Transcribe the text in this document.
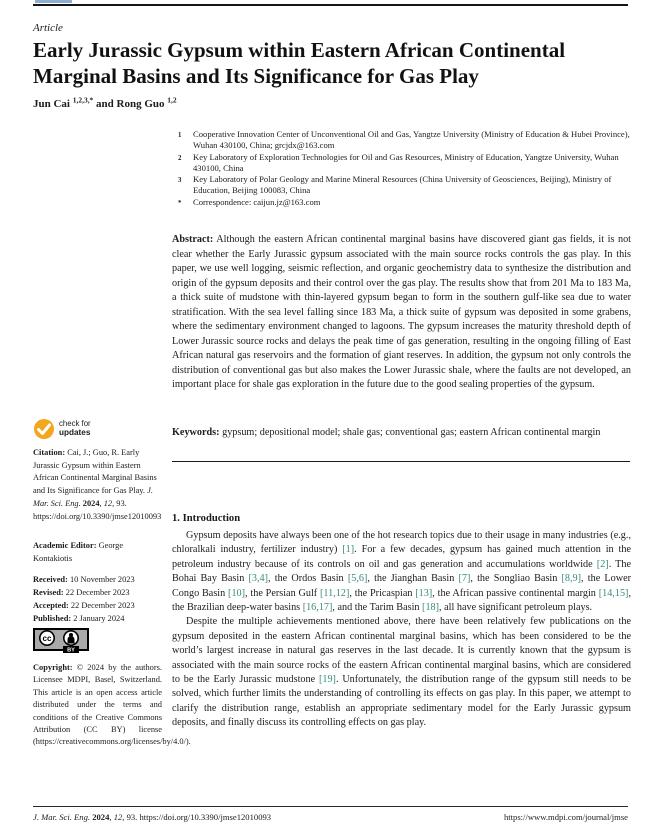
Article
Early Jurassic Gypsum within Eastern African Continental Marginal Basins and Its Significance for Gas Play
Jun Cai $^{1,2,3,*}$ and Rong Guo $^{1,2}$
1	Cooperative Innovation Center of Unconventional Oil and Gas, Yangtze University (Ministry of Education & Hubei Province), Wuhan 430100, China; grcjdx@163.com
2	Key Laboratory of Exploration Technologies for Oil and Gas Resources, Ministry of Education, Yangtze University, Wuhan 430100, China
3	Key Laboratory of Polar Geology and Marine Mineral Resources (China University of Geosciences, Beijing), Ministry of Education, Beijing 100083, China
*	Correspondence: caijun.jz@163.com
Abstract: Although the eastern African continental marginal basins have discovered giant gas fields, it is not clear whether the Early Jurassic gypsum associated with the main source rocks controls the gas play. In this paper, we use well logging, seismic reflection, and organic geochemistry data to synthesize the distribution and origin of the gypsum deposits and their control over the gas play. The results show that from 201 Ma to 183 Ma, a thick suite of mudstone with thin-layered gypsum began to form in the southern gulf-like sea due to water stratification. With the sea level falling since 183 Ma, a thick suite of gypsum was deposited in some grabens, where the sedimentary environment changed to lagoons. The gypsum increases the maturity threshold depth of Lower Jurassic source rocks and delays the peak time of gas generation, resulting in the ongoing filling of East African natural gas reservoirs and the formation of giant reserves. In addition, the gypsum not only controls the distribution of conventional gas but also makes the Lower Jurassic shale, where the faults are not developed, an important place for shale gas exploration in the future due to the good sealing properties of the gypsum.
Keywords: gypsum; depositional model; shale gas; conventional gas; eastern African continental margin
1. Introduction

Gypsum deposits have always been one of the hot research topics due to their usage in many industries (e.g., chloralkali industry, fertilizer industry) [1]. For a few decades, gypsum has gained much attention in the petroleum industry because of its controls on oil and gas generation and accumulations worldwide [2]. The Bohai Bay Basin [3,4], the Ordos Basin [5,6], the Jianghan Basin [7], the Songliao Basin [8,9], the Lower Congo Basin [10], the Persian Gulf [11,12], the Pricaspian [13], the African passive continental margin [14,15], the Brazilian deep-water basins [16,17], and the Tarim Basin [18], all have significant petroleum plays.

Despite the multiple achievements mentioned above, there have been relatively few publications on the gypsum deposited in the eastern African continental marginal basins, which has been considered to be the world’s largest increase in natural gas reserves in the last decade. It is currently known that the gypsum is associated with the main source rocks of the eastern African continental marginal basins, which are considered to be the Early Jurassic mudstone [19]. Unfortunately, the distribution range of the gypsum still needs to be solved, which further limits the understanding of controlling its effects on gas play. In this paper, we attempt to clarify the distribution range, establish an appropriate sedimentary model for the Early Jurassic gypsum deposits, and finally discuss its controlling effects on gas play.

check for
updates
Citation: Cai, J.; Guo, R. Early Jurassic Gypsum within Eastern African Continental Marginal Basins and Its Significance for Gas Play. J. Mar. Sci. Eng. 2024, 12, 93. https://doi.org/10.3390/jmse12010093
Academic Editor: George Kontakiotis
Received: 10 November 2023
Revised: 22 December 2023
Accepted: 22 December 2023
Published: 2 January 2024
cc
BY
Copyright: © 2024 by the authors. Licensee MDPI, Basel, Switzerland. This article is an open access article distributed under the terms and conditions of the Creative Commons Attribution (CC BY) license (https://creativecommons.org/licenses/by/4.0/).
J. Mar. Sci. Eng. 2024, 12, 93. https://doi.org/10.3390/jmse12010093	https://www.mdpi.com/journal/jmse
